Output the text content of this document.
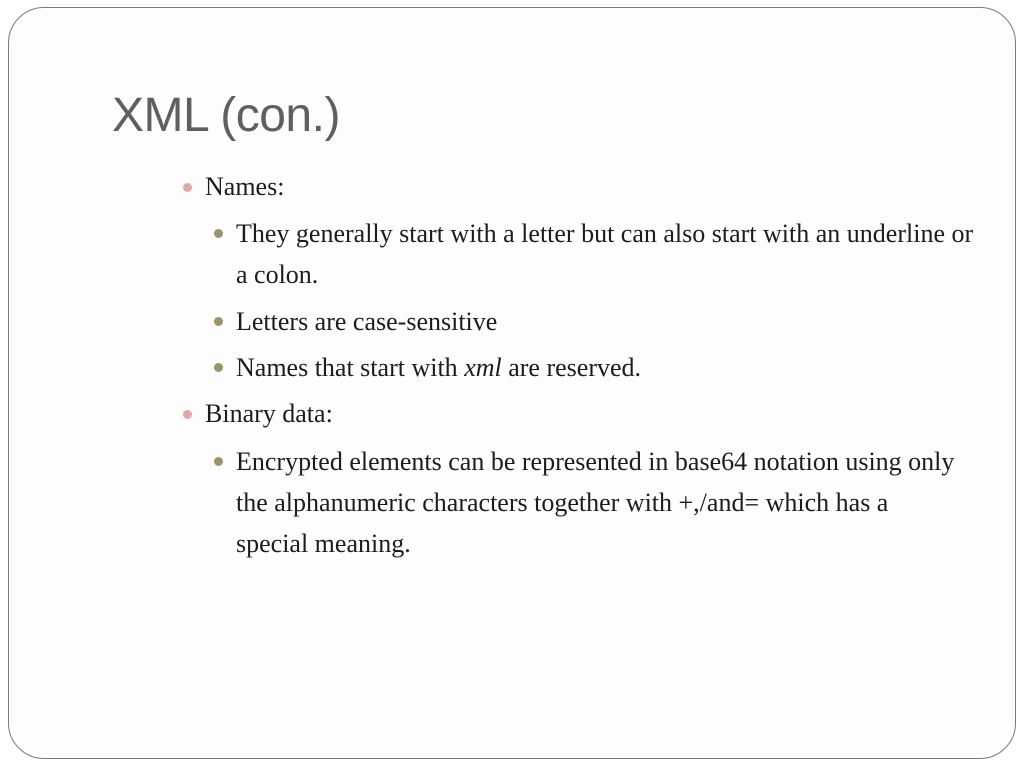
XML (con.)

Names:

They generally start with a letter but can also start with an underline or a colon.

Letters are case-sensitive

Names that start with xml are reserved.

Binary data:

Encrypted elements can be represented in base64 notation using only the alphanumeric characters together with +,/and= which has a special meaning.
